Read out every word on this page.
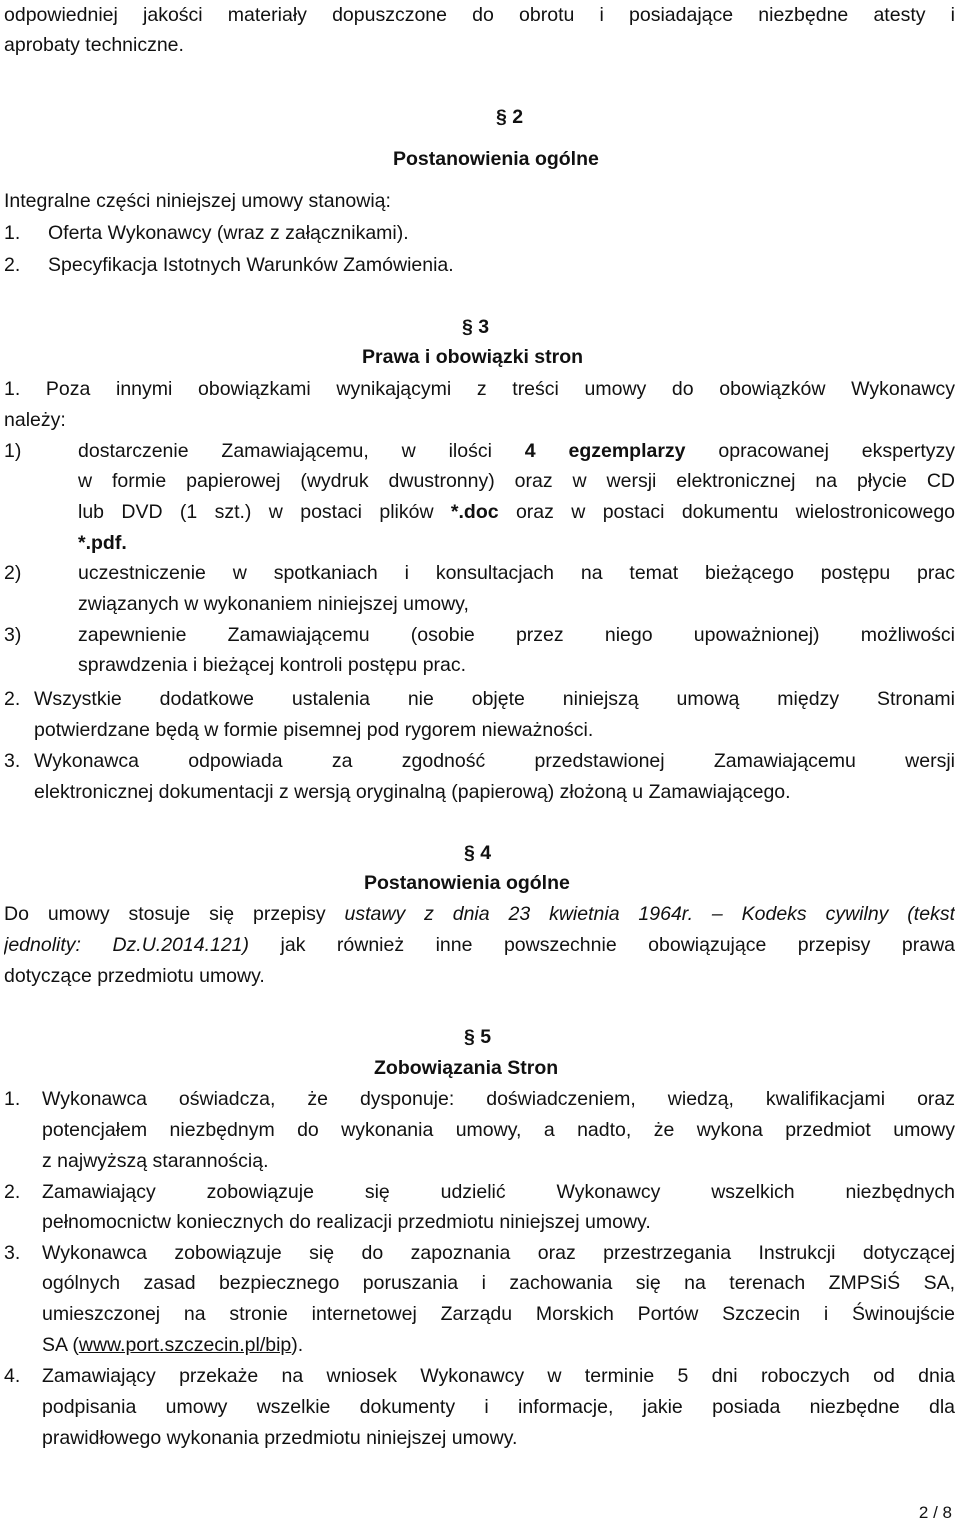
odpowiedniej jakości materiały dopuszczone do obrotu i posiadające niezbędne atesty i
aprobaty techniczne.
§ 2
Postanowienia ogólne
Integralne części niniejszej umowy stanowią:
1. Oferta Wykonawcy (wraz z załącznikami).
2. Specyfikacja Istotnych Warunków Zamówienia.
§ 3
Prawa i obowiązki stron
1. Poza innymi obowiązkami wynikającymi z treści umowy do obowiązków Wykonawcy
należy:
1)	dostarczenie Zamawiającemu, w ilości 4 egzemplarzy opracowanej ekspertyzy
w formie papierowej (wydruk dwustronny) oraz w wersji elektronicznej na płycie CD
lub DVD (1 szt.) w postaci plików *.doc oraz w postaci dokumentu wielostronicowego
*.pdf.
2)	uczestniczenie w spotkaniach i konsultacjach na temat bieżącego postępu prac
związanych w wykonaniem niniejszej umowy,
3)	zapewnienie Zamawiającemu (osobie przez niego upoważnionej) możliwości
sprawdzenia i bieżącej kontroli postępu prac.
2. Wszystkie dodatkowe ustalenia nie objęte niniejszą umową między Stronami
potwierdzane będą w formie pisemnej pod rygorem nieważności.
3. Wykonawca odpowiada za zgodność przedstawionej Zamawiającemu wersji
elektronicznej dokumentacji z wersją oryginalną (papierową) złożoną u Zamawiającego.
§ 4
Postanowienia ogólne
Do umowy stosuje się przepisy ustawy z dnia 23 kwietnia 1964r. – Kodeks cywilny (tekst
jednolity: Dz.U.2014.121) jak również inne powszechnie obowiązujące przepisy prawa
dotyczące przedmiotu umowy.
§ 5
Zobowiązania Stron
1. Wykonawca oświadcza, że dysponuje: doświadczeniem, wiedzą, kwalifikacjami oraz
potencjałem niezbędnym do wykonania umowy, a nadto, że wykona przedmiot umowy
z najwyższą starannością.
2. Zamawiający zobowiązuje się udzielić Wykonawcy wszelkich niezbędnych
pełnomocnictw koniecznych do realizacji przedmiotu niniejszej umowy.
3. Wykonawca zobowiązuje się do zapoznania oraz przestrzegania Instrukcji dotyczącej
ogólnych zasad bezpiecznego poruszania i zachowania się na terenach ZMPSiŚ SA,
umieszczonej na stronie internetowej Zarządu Morskich Portów Szczecin i Świnoujście
SA (www.port.szczecin.pl/bip).
4. Zamawiający przekaże na wniosek Wykonawcy w terminie 5 dni roboczych od dnia
podpisania umowy wszelkie dokumenty i informacje, jakie posiada niezbędne dla
prawidłowego wykonania przedmiotu niniejszej umowy.
2 / 8
